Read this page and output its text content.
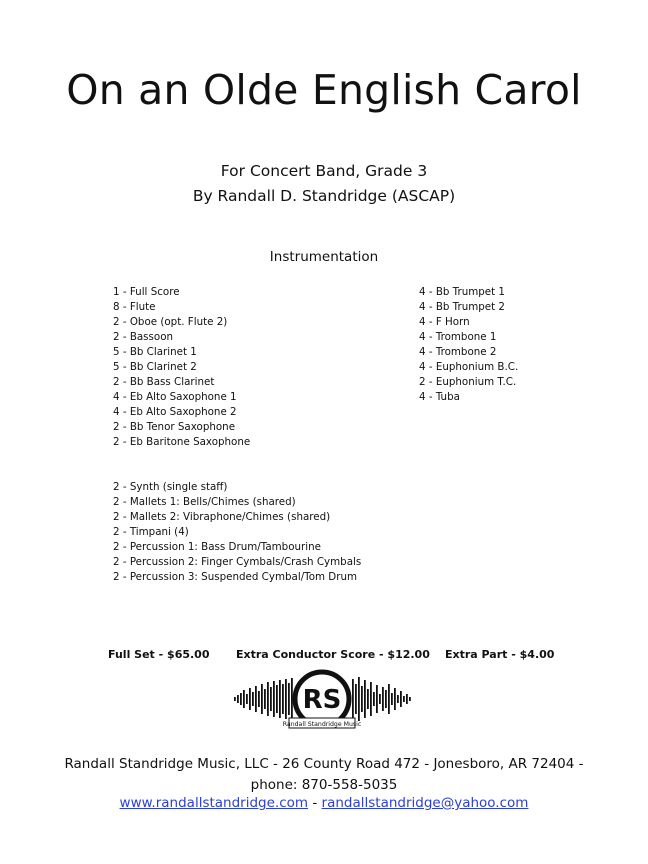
On an Olde English Carol
For Concert Band, Grade 3
By Randall D. Standridge (ASCAP)
Instrumentation
1 - Full Score
8 - Flute
2 - Oboe (opt. Flute 2)
2 - Bassoon
5 - Bb Clarinet 1
5 - Bb Clarinet 2
2 - Bb Bass Clarinet
4 - Eb Alto Saxophone 1
4 - Eb Alto Saxophone 2
2 - Bb Tenor Saxophone
2 - Eb Baritone Saxophone
4 - Bb Trumpet 1
4 - Bb Trumpet 2
4 - F Horn
4 - Trombone 1
4 - Trombone 2
4 - Euphonium B.C.
2 - Euphonium T.C.
4 - Tuba
2 - Synth (single staff)
2 - Mallets 1: Bells/Chimes (shared)
2 - Mallets 2: Vibraphone/Chimes (shared)
2 - Timpani (4)
2 - Percussion 1: Bass Drum/Tambourine
2 - Percussion 2: Finger Cymbals/Crash Cymbals
2 - Percussion 3: Suspended Cymbal/Tom Drum
Full Set - $65.00 Extra Conductor Score - $12.00 Extra Part - $4.00
RS
Randall Standridge Music
Randall Standridge Music, LLC - 26 County Road 472 - Jonesboro, AR 72404 -
phone: 870-558-5035
www.randallstandridge.com - randallstandridge@yahoo.com
